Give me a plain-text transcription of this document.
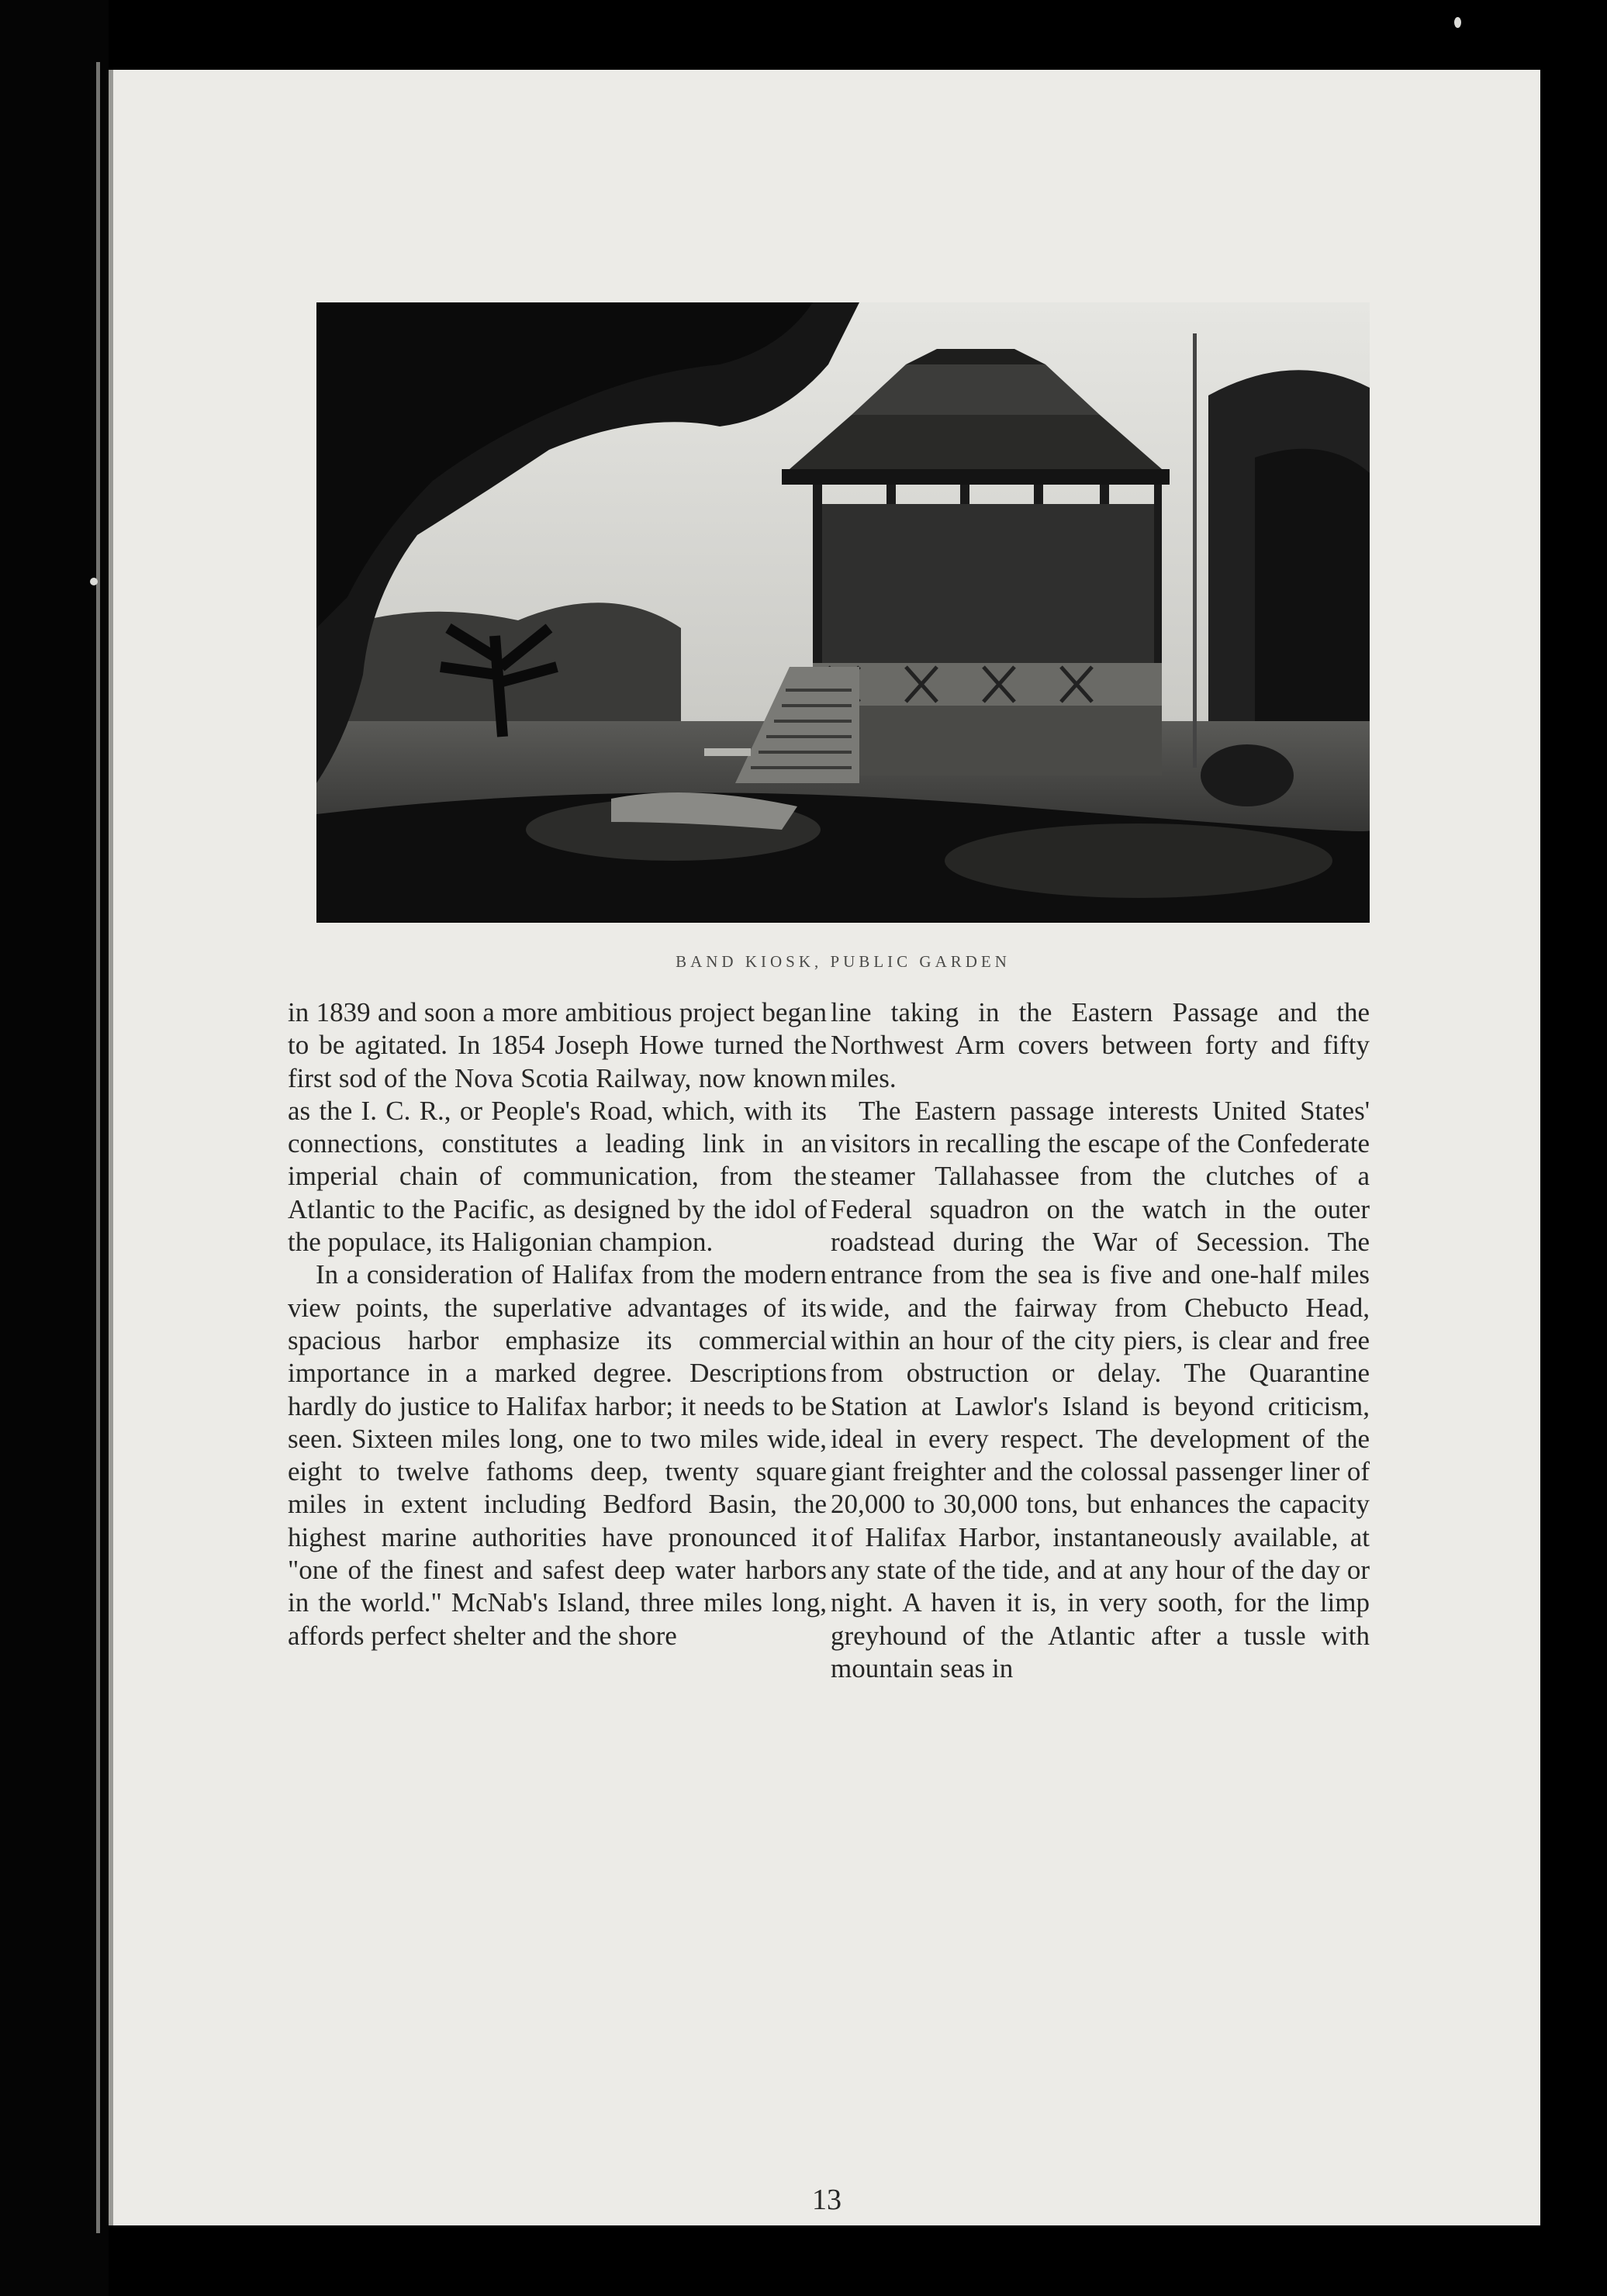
BAND KIOSK, PUBLIC GARDEN

in 1839 and soon a more ambitious project began to be agitated. In 1854 Joseph Howe turned the first sod of the Nova Scotia Railway, now known as the I. C. R., or People's Road, which, with its connections, constitutes a leading link in an imperial chain of communication, from the Atlantic to the Pacific, as designed by the idol of the populace, its Haligonian champion.

In a consideration of Halifax from the modern view points, the superlative advantages of its spacious harbor emphasize its commercial importance in a marked degree. Descriptions hardly do justice to Halifax harbor; it needs to be seen. Sixteen miles long, one to two miles wide, eight to twelve fathoms deep, twenty square miles in extent including Bedford Basin, the highest marine authorities have pronounced it "one of the finest and safest deep water harbors in the world." McNab's Island, three miles long, affords perfect shelter and the shore

line taking in the Eastern Passage and the Northwest Arm covers between forty and fifty miles.

The Eastern passage interests United States' visitors in recalling the escape of the Confederate steamer Tallahassee from the clutches of a Federal squadron on the watch in the outer roadstead during the War of Secession. The entrance from the sea is five and one-half miles wide, and the fairway from Chebucto Head, within an hour of the city piers, is clear and free from obstruction or delay. The Quarantine Station at Lawlor's Island is beyond criticism, ideal in every respect. The development of the giant freighter and the colossal passenger liner of 20,000 to 30,000 tons, but enhances the capacity of Halifax Harbor, instantaneously available, at any state of the tide, and at any hour of the day or night. A haven it is, in very sooth, for the limp greyhound of the Atlantic after a tussle with mountain seas in

13
